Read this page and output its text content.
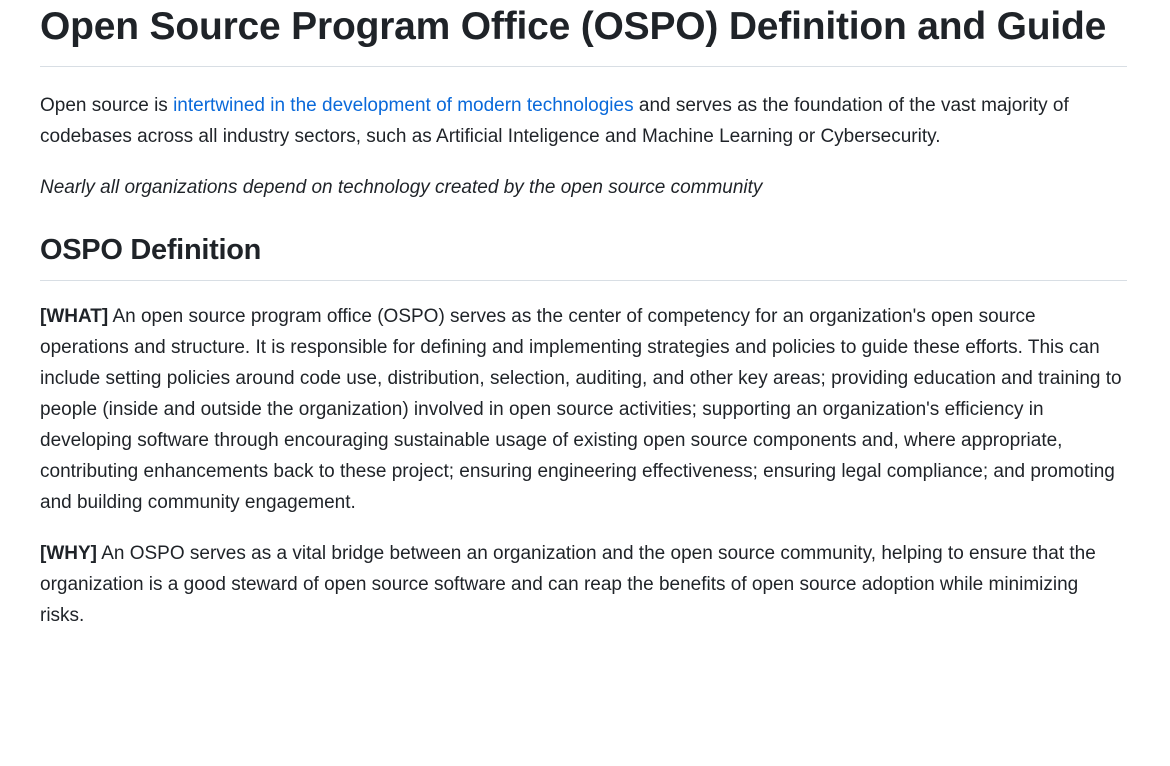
Open Source Program Office (OSPO) Definition and Guide

Open source is intertwined in the development of modern technologies and serves as the foundation of the vast majority of codebases across all industry sectors, such as Artificial Inteligence and Machine Learning or Cybersecurity.

Nearly all organizations depend on technology created by the open source community

OSPO Definition

[WHAT] An open source program office (OSPO) serves as the center of competency for an organization's open source operations and structure. It is responsible for defining and implementing strategies and policies to guide these efforts. This can include setting policies around code use, distribution, selection, auditing, and other key areas; providing education and training to people (inside and outside the organization) involved in open source activities; supporting an organization's efficiency in developing software through encouraging sustainable usage of existing open source components and, where appropriate, contributing enhancements back to these project; ensuring engineering effectiveness; ensuring legal compliance; and promoting and building community engagement.

[WHY] An OSPO serves as a vital bridge between an organization and the open source community, helping to ensure that the organization is a good steward of open source software and can reap the benefits of open source adoption while minimizing risks.
